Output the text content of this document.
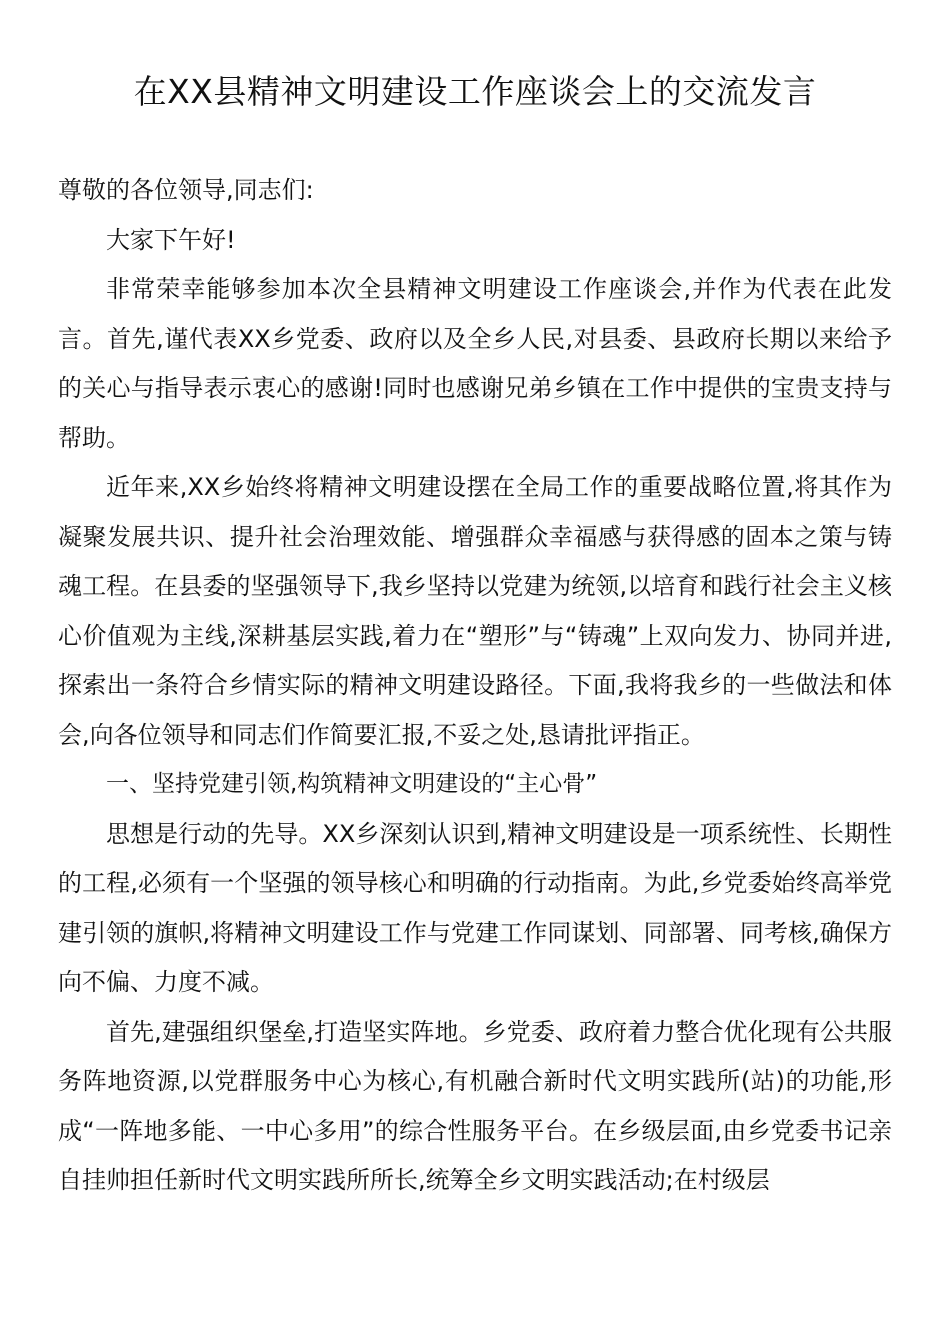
在XX县精神文明建设工作座谈会上的交流发言

尊敬的各位领导,同志们:

大家下午好!

非常荣幸能够参加本次全县精神文明建设工作座谈会,并作为代表在此发言。首先,谨代表XX乡党委、政府以及全乡人民,对县委、县政府长期以来给予的关心与指导表示衷心的感谢!同时也感谢兄弟乡镇在工作中提供的宝贵支持与帮助。

近年来,XX乡始终将精神文明建设摆在全局工作的重要战略位置,将其作为凝聚发展共识、提升社会治理效能、增强群众幸福感与获得感的固本之策与铸魂工程。在县委的坚强领导下,我乡坚持以党建为统领,以培育和践行社会主义核心价值观为主线,深耕基层实践,着力在“塑形”与“铸魂”上双向发力、协同并进,探索出一条符合乡情实际的精神文明建设路径。下面,我将我乡的一些做法和体会,向各位领导和同志们作简要汇报,不妥之处,恳请批评指正。

一、坚持党建引领,构筑精神文明建设的“主心骨”

思想是行动的先导。XX乡深刻认识到,精神文明建设是一项系统性、长期性的工程,必须有一个坚强的领导核心和明确的行动指南。为此,乡党委始终高举党建引领的旗帜,将精神文明建设工作与党建工作同谋划、同部署、同考核,确保方向不偏、力度不减。

首先,建强组织堡垒,打造坚实阵地。乡党委、政府着力整合优化现有公共服务阵地资源,以党群服务中心为核心,有机融合新时代文明实践所(站)的功能,形成“一阵地多能、一中心多用”的综合性服务平台。在乡级层面,由乡党委书记亲自挂帅担任新时代文明实践所所长,统筹全乡文明实践活动;在村级层
